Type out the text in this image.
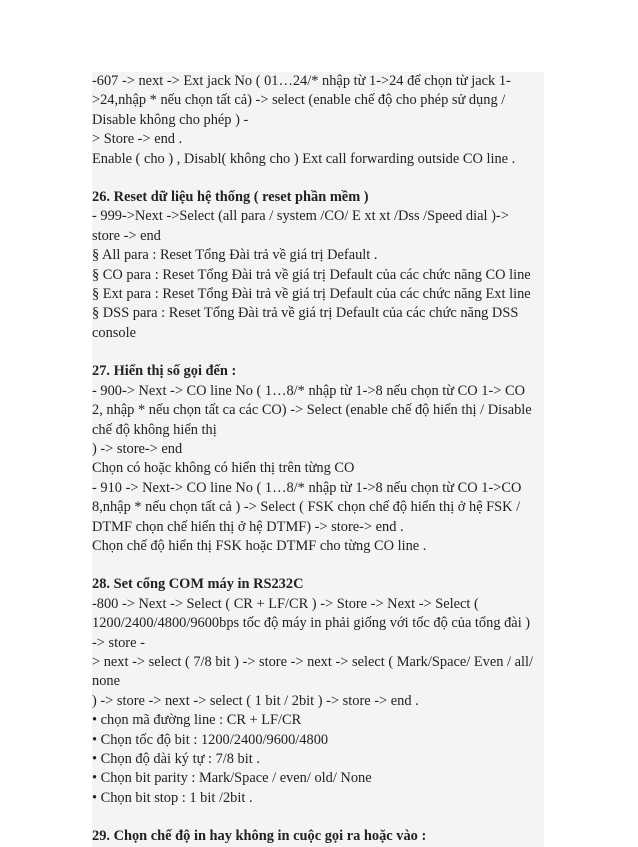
-607 -> next -> Ext jack No ( 01…24/* nhập từ 1->24 để chọn từ jack 1-
>24,nhập * nếu chọn tất cả) -> select (enable chế độ cho phép sử dụng /
Disable không cho phép ) -
> Store -> end .
Enable ( cho ) , Disabl( không cho ) Ext call forwarding outside CO line .
26. Reset dữ liệu hệ thống ( reset phần mềm )
- 999->Next ->Select (all para / system /CO/ E xt xt /Dss /Speed dial )->
store -> end
§ All para : Reset Tổng Đài trả về giá trị Default .
§ CO para : Reset Tổng Đài trả về giá trị Default của các chức năng CO line
§ Ext para : Reset Tổng Đài trả về giá trị Default của các chức năng Ext line
§ DSS para : Reset Tổng Đài trả về giá trị Default của các chức năng DSS
console
27. Hiển thị số gọi đến :
- 900-> Next -> CO line No ( 1…8/* nhập từ 1->8 nếu chọn từ CO 1-> CO
2, nhập * nếu chọn tất ca các CO) -> Select (enable chế độ hiển thị / Disable
chế độ không hiển thị
) -> store-> end
Chọn có hoặc không có hiển thị trên từng CO
- 910 -> Next-> CO line No ( 1…8/* nhập từ 1->8 nếu chọn từ CO 1->CO
8,nhập * nếu chọn tất cả ) -> Select ( FSK chọn chế độ hiển thị ở hệ FSK /
DTMF chọn chế hiển thị ở hệ DTMF) -> store-> end .
Chọn chế độ hiển thị FSK hoặc DTMF cho từng CO line .
28. Set cổng COM máy in RS232C
-800 -> Next -> Select ( CR + LF/CR ) -> Store -> Next -> Select (
1200/2400/4800/9600bps tốc độ máy in phải giống với tốc độ của tổng đài )
-> store -
> next -> select ( 7/8 bit ) -> store -> next -> select ( Mark/Space/ Even / all/
none
) -> store -> next -> select ( 1 bit / 2bit ) -> store -> end .
• chọn mã đường line : CR + LF/CR
• Chọn tốc độ bit : 1200/2400/9600/4800
• Chọn độ dài ký tự : 7/8 bit .
• Chọn bit parity : Mark/Space / even/ old/ None
• Chọn bit stop : 1 bit /2bit .
29. Chọn chế độ in hay không in cuộc gọi ra hoặc vào :
